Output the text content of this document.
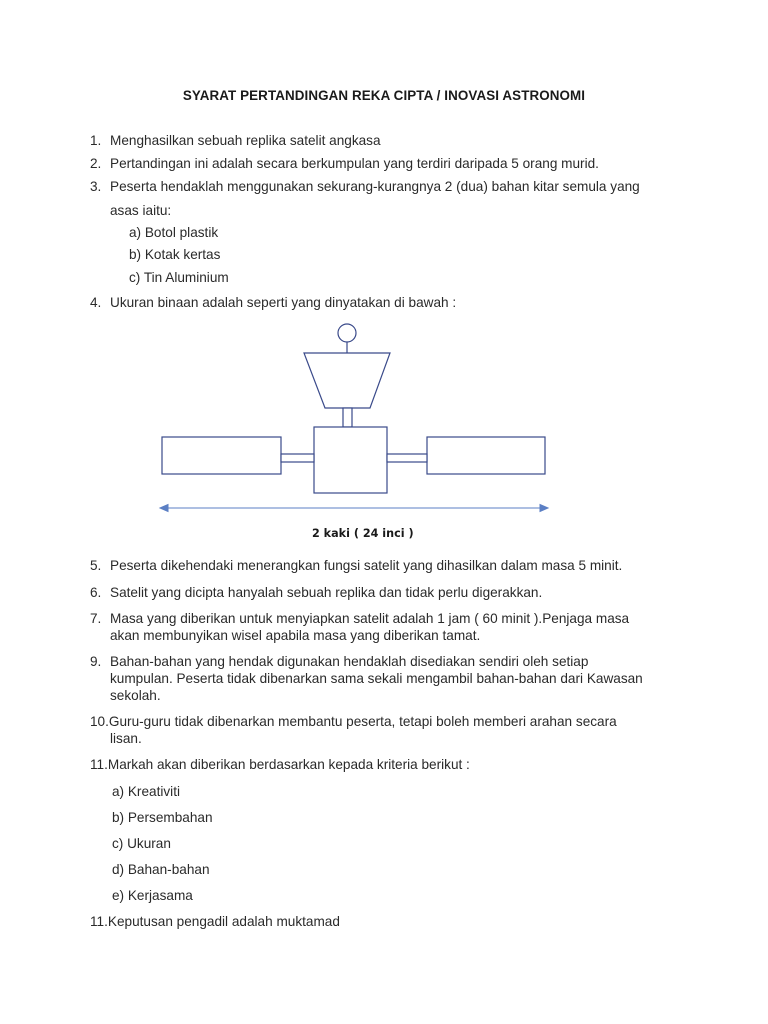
SYARAT PERTANDINGAN REKA CIPTA / INOVASI ASTRONOMI
1. Menghasilkan sebuah replika satelit angkasa
2. Pertandingan ini adalah secara berkumpulan yang terdiri daripada 5 orang murid.
3. Peserta hendaklah menggunakan sekurang-kurangnya 2 (dua) bahan kitar semula yang
asas iaitu:
a) Botol plastik
b) Kotak kertas
c) Tin Aluminium
4. Ukuran binaan adalah seperti yang dinyatakan di bawah :
2 kaki ( 24 inci )
5. Peserta dikehendaki menerangkan fungsi satelit yang dihasilkan dalam masa 5 minit.
6. Satelit yang dicipta hanyalah sebuah replika dan tidak perlu digerakkan.
7. Masa yang diberikan untuk menyiapkan satelit adalah 1 jam ( 60 minit ).Penjaga masa
akan membunyikan wisel apabila masa yang diberikan tamat.
9. Bahan-bahan yang hendak digunakan hendaklah disediakan sendiri oleh setiap
kumpulan. Peserta tidak dibenarkan sama sekali mengambil bahan-bahan dari Kawasan
sekolah.
10.Guru-guru tidak dibenarkan membantu peserta, tetapi boleh memberi arahan secara
lisan.
11.Markah akan diberikan berdasarkan kepada kriteria berikut :
a) Kreativiti
b) Persembahan
c) Ukuran
d) Bahan-bahan
e) Kerjasama
11.Keputusan pengadil adalah muktamad
